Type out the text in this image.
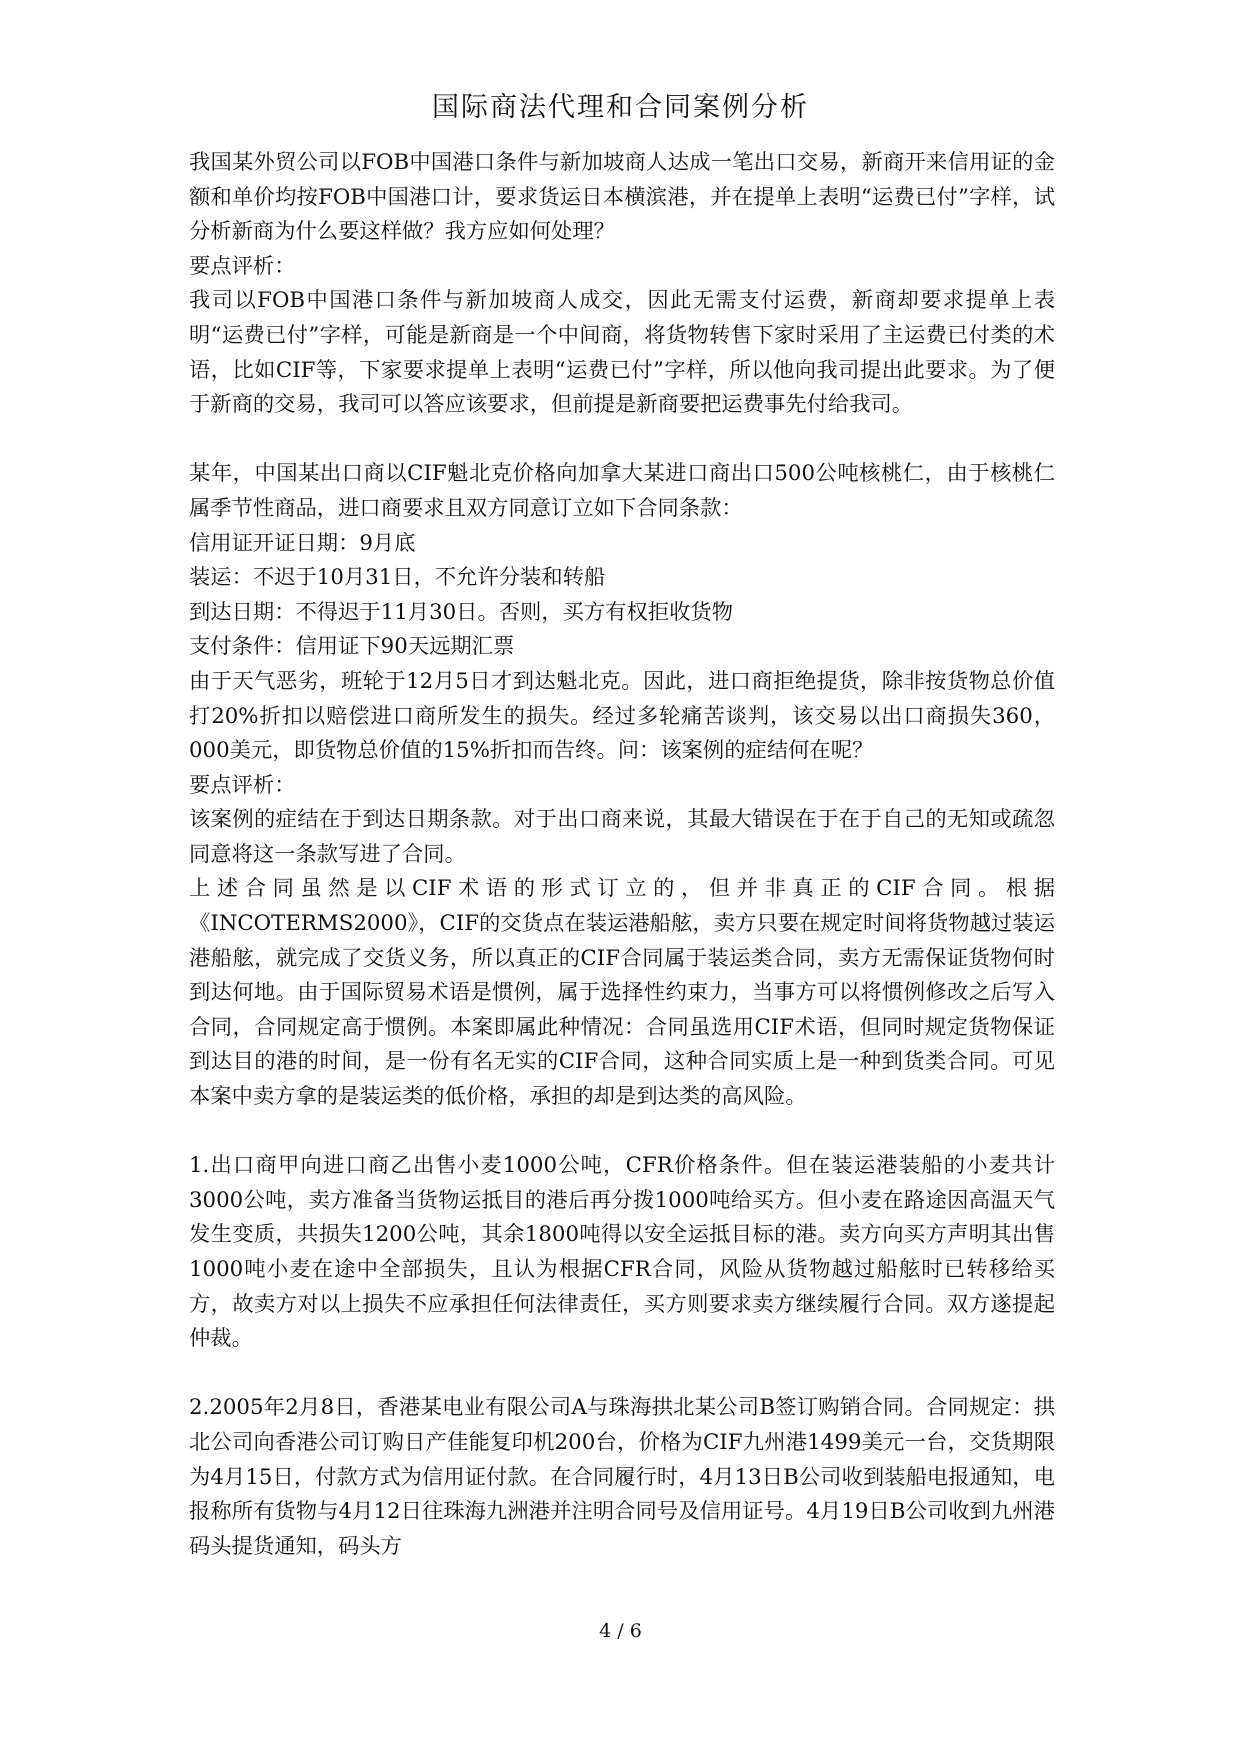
国际商法代理和合同案例分析

我国某外贸公司以FOB中国港口条件与新加坡商人达成一笔出口交易，新商开来信用证的金额和单价均按FOB中国港口计，要求货运日本横滨港，并在提单上表明“运费已付”字样，试分析新商为什么要这样做？我方应如何处理？

要点评析：

我司以FOB中国港口条件与新加坡商人成交，因此无需支付运费，新商却要求提单上表明“运费已付”字样，可能是新商是一个中间商，将货物转售下家时采用了主运费已付类的术语，比如CIF等，下家要求提单上表明“运费已付”字样，所以他向我司提出此要求。为了便于新商的交易，我司可以答应该要求，但前提是新商要把运费事先付给我司。

某年，中国某出口商以CIF魁北克价格向加拿大某进口商出口500公吨核桃仁，由于核桃仁属季节性商品，进口商要求且双方同意订立如下合同条款：

信用证开证日期：9月底

装运：不迟于10月31日，不允许分装和转船

到达日期：不得迟于11月30日。否则，买方有权拒收货物

支付条件：信用证下90天远期汇票

由于天气恶劣，班轮于12月5日才到达魁北克。因此，进口商拒绝提货，除非按货物总价值打20%折扣以赔偿进口商所发生的损失。经过多轮痛苦谈判，该交易以出口商损失360，000美元，即货物总价值的15%折扣而告终。问：该案例的症结何在呢？

要点评析：

该案例的症结在于到达日期条款。对于出口商来说，其最大错误在于在于自己的无知或疏忽同意将这一条款写进了合同。

上述合同虽然是以CIF术语的形式订立的，但并非真正的CIF合同。根据《INCOTERMS2000》，CIF的交货点在装运港船舷，卖方只要在规定时间将货物越过装运港船舷，就完成了交货义务，所以真正的CIF合同属于装运类合同，卖方无需保证货物何时到达何地。由于国际贸易术语是惯例，属于选择性约束力，当事方可以将惯例修改之后写入合同，合同规定高于惯例。本案即属此种情况：合同虽选用CIF术语，但同时规定货物保证到达目的港的时间，是一份有名无实的CIF合同，这种合同实质上是一种到货类合同。可见本案中卖方拿的是装运类的低价格，承担的却是到达类的高风险。

1.出口商甲向进口商乙出售小麦1000公吨，CFR价格条件。但在装运港装船的小麦共计3000公吨，卖方准备当货物运抵目的港后再分拨1000吨给买方。但小麦在路途因高温天气发生变质，共损失1200公吨，其余1800吨得以安全运抵目标的港。卖方向买方声明其出售1000吨小麦在途中全部损失，且认为根据CFR合同，风险从货物越过船舷时已转移给买方，故卖方对以上损失不应承担任何法律责任，买方则要求卖方继续履行合同。双方遂提起仲裁。

2.2005年2月8日，香港某电业有限公司A与珠海拱北某公司B签订购销合同。合同规定：拱北公司向香港公司订购日产佳能复印机200台，价格为CIF九州港1499美元一台，交货期限为4月15日，付款方式为信用证付款。在合同履行时，4月13日B公司收到装船电报通知，电报称所有货物与4月12日往珠海九洲港并注明合同号及信用证号。4月19日B公司收到九州港码头提货通知，码头方

4 / 6
